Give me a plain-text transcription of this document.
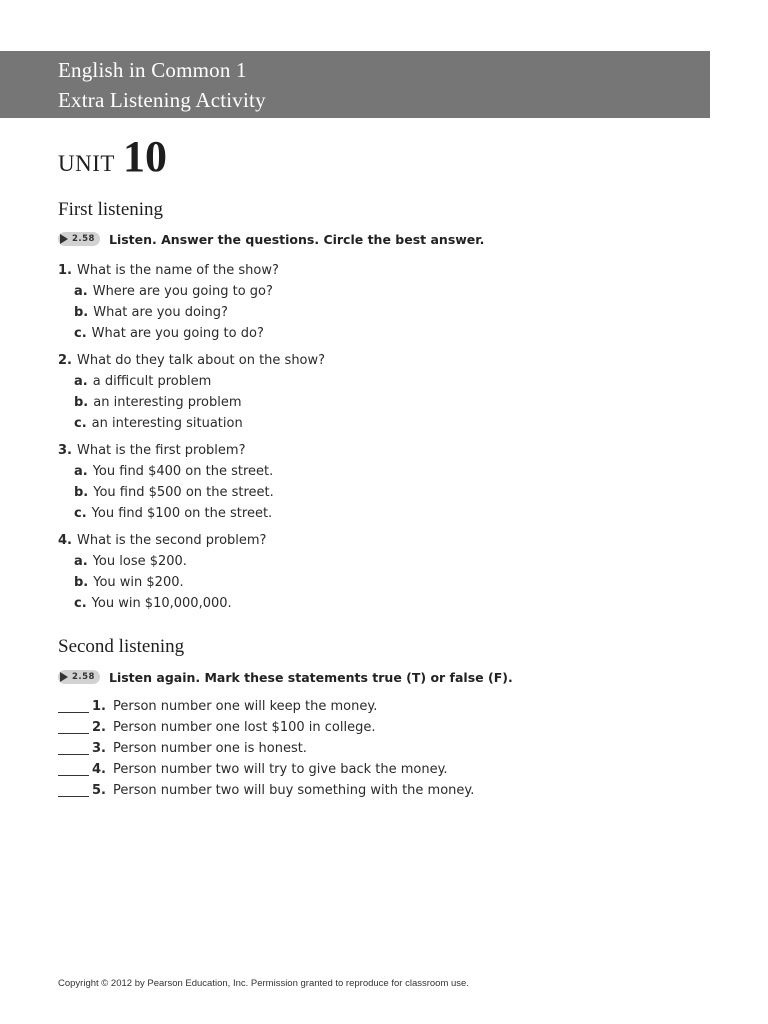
English in Common 1
Extra Listening Activity
UNIT 10
First listening
2.58 Listen. Answer the questions. Circle the best answer.
1. What is the name of the show?
a. Where are you going to go?
b. What are you doing?
c. What are you going to do?
2. What do they talk about on the show?
a. a difficult problem
b. an interesting problem
c. an interesting situation
3. What is the first problem?
a. You find $400 on the street.
b. You find $500 on the street.
c. You find $100 on the street.
4. What is the second problem?
a. You lose $200.
b. You win $200.
c. You win $10,000,000.
Second listening
2.58 Listen again. Mark these statements true (T) or false (F).
1. Person number one will keep the money.
2. Person number one lost $100 in college.
3. Person number one is honest.
4. Person number two will try to give back the money.
5. Person number two will buy something with the money.
Copyright © 2012 by Pearson Education, Inc. Permission granted to reproduce for classroom use.
